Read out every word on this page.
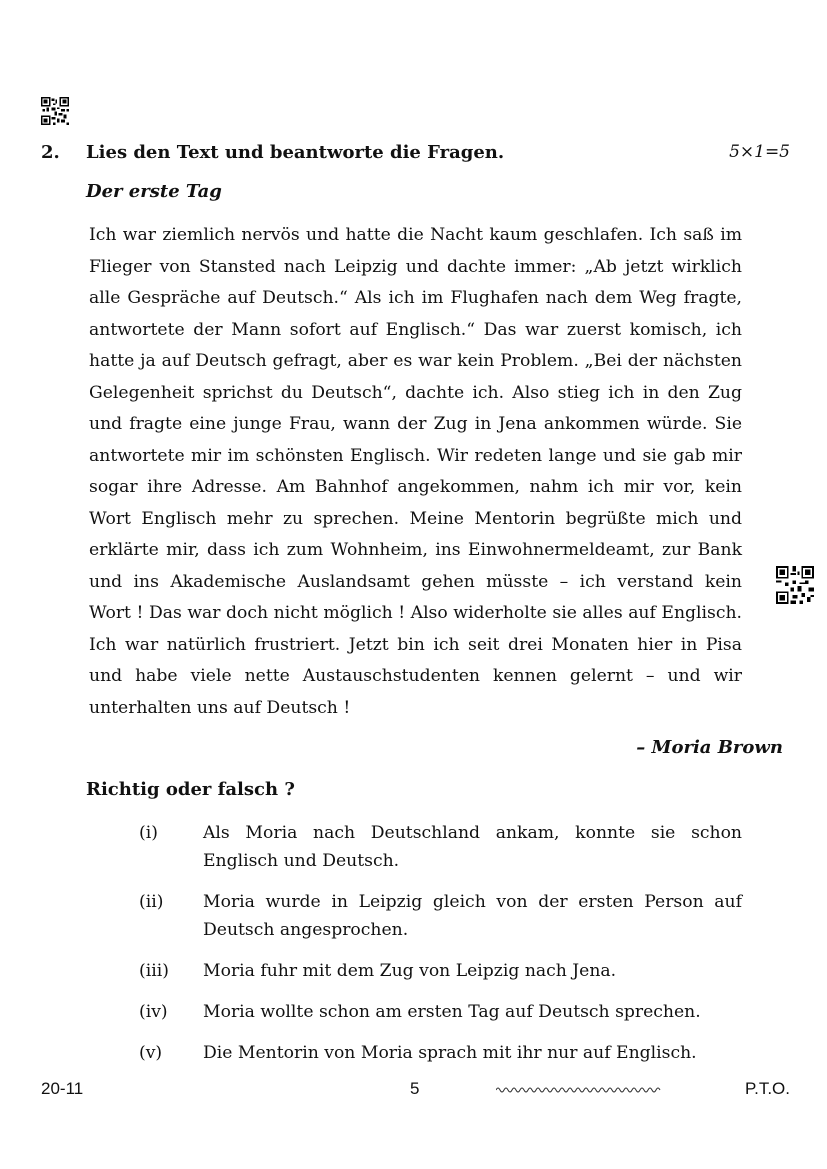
2. Lies den Text und beantworte die Fragen.	5×1=5
Der erste Tag
Ich war ziemlich nervös und hatte die Nacht kaum geschlafen. Ich saß im
Flieger von Stansted nach Leipzig und dachte immer: „Ab jetzt wirklich
alle Gespräche auf Deutsch.“ Als ich im Flughafen nach dem Weg fragte,
antwortete der Mann sofort auf Englisch.“ Das war zuerst komisch, ich
hatte ja auf Deutsch gefragt, aber es war kein Problem. „Bei der nächsten
Gelegenheit sprichst du Deutsch“, dachte ich. Also stieg ich in den Zug
und fragte eine junge Frau, wann der Zug in Jena ankommen würde. Sie
antwortete mir im schönsten Englisch. Wir redeten lange und sie gab mir
sogar ihre Adresse. Am Bahnhof angekommen, nahm ich mir vor, kein
Wort Englisch mehr zu sprechen. Meine Mentorin begrüßte mich und
erklärte mir, dass ich zum Wohnheim, ins Einwohnermeldeamt, zur Bank
und ins Akademische Auslandsamt gehen müsste – ich verstand kein
Wort ! Das war doch nicht möglich ! Also widerholte sie alles auf Englisch.
Ich war natürlich frustriert. Jetzt bin ich seit drei Monaten hier in Pisa
und habe viele nette Austauschstudenten kennen gelernt – und wir
unterhalten uns auf Deutsch !
– Moria Brown
Richtig oder falsch ?
(i)	Als Moria nach Deutschland ankam, konnte sie schon Englisch und Deutsch.
(ii) Moria wurde in Leipzig gleich von der ersten Person auf Deutsch angesprochen.
(iii) Moria fuhr mit dem Zug von Leipzig nach Jena.
(iv) Moria wollte schon am ersten Tag auf Deutsch sprechen.
(v) Die Mentorin von Moria sprach mit ihr nur auf Englisch.
20-11	5	P.T.O.
